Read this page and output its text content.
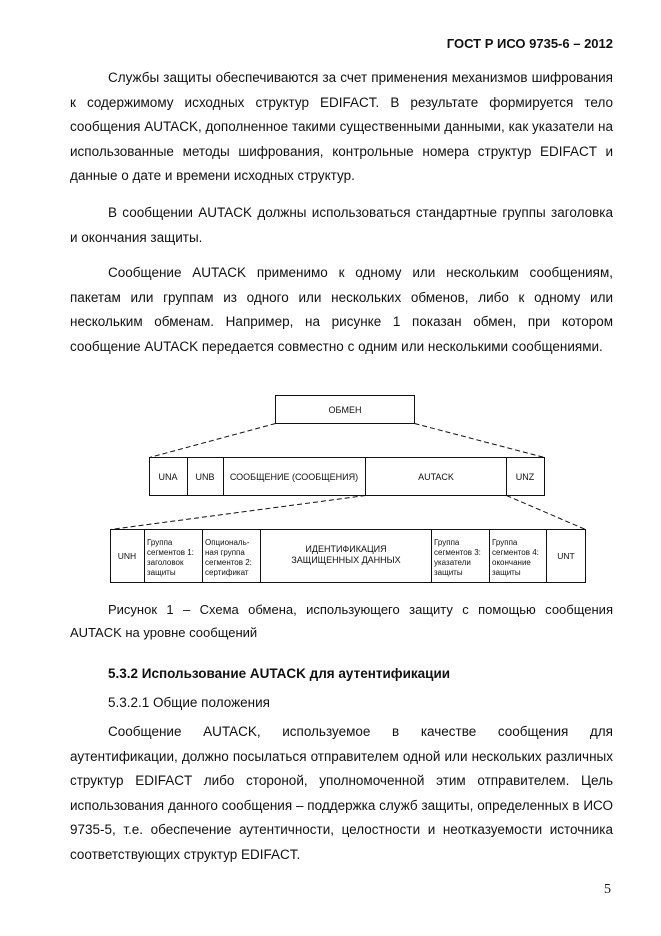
ГОСТ Р ИСО 9735-6 – 2012

Службы защиты обеспечиваются за счет применения механизмов шифрования к содержимому исходных структур EDIFACT. В результате формируется тело сообщения AUTACK, дополненное такими существенными данными, как указатели на использованные методы шифрования, контрольные номера структур EDIFACT и данные о дате и времени исходных структур.

В сообщении AUTACK должны использоваться стандартные группы заголовка и окончания защиты.

Сообщение AUTACK применимо к одному или нескольким сообщениям, пакетам или группам из одного или нескольких обменов, либо к одному или нескольким обменам. Например, на рисунке 1 показан обмен, при котором сообщение AUTACK передается совместно с одним или несколькими сообщениями.

ОБМЕН
UNA UNB СООБЩЕНИЕ (СООБЩЕНИЯ)	AUTACK	UNZ
UNH
Группа
сегментов 1:
заголовок
защиты
Опциональ-
ная группа
сегментов 2:
сертификат
ИДЕНТИФИКАЦИЯ
ЗАЩИЩЕННЫХ ДАННЫХ
Группа
сегментов 3:
указатели
защиты
Группа
сегментов 4:
окончание
защиты
UNT

Рисунок 1 – Схема обмена, использующего защиту с помощью сообщения AUTACK на уровне сообщений

5.3.2 Использование AUTACK для аутентификации
5.3.2.1 Общие положения

Сообщение AUTACK, используемое в качестве сообщения для аутентификации, должно посылаться отправителем одной или нескольких различных структур EDIFACT либо стороной, уполномоченной этим отправителем. Цель использования данного сообщения – поддержка служб защиты, определенных в ИСО 9735-5, т.е. обеспечение аутентичности, целостности и неотказуемости источника соответствующих структур EDIFACT.

5
